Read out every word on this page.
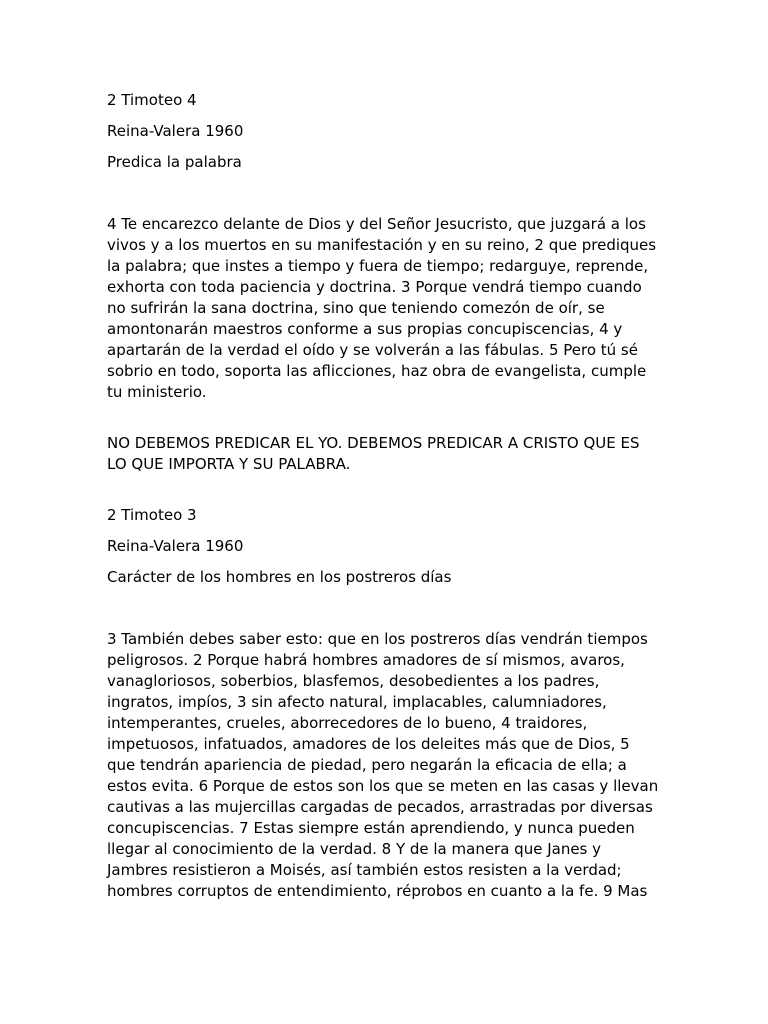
2 Timoteo 4

Reina-Valera 1960

Predica la palabra

4 Te encarezco delante de Dios y del Señor Jesucristo, que juzgará a los

vivos y a los muertos en su manifestación y en su reino, 2 que prediques

la palabra; que instes a tiempo y fuera de tiempo; redarguye, reprende,

exhorta con toda paciencia y doctrina. 3 Porque vendrá tiempo cuando

no sufrirán la sana doctrina, sino que teniendo comezón de oír, se

amontonarán maestros conforme a sus propias concupiscencias, 4 y

apartarán de la verdad el oído y se volverán a las fábulas. 5 Pero tú sé

sobrio en todo, soporta las aflicciones, haz obra de evangelista, cumple

tu ministerio.

NO DEBEMOS PREDICAR EL YO. DEBEMOS PREDICAR A CRISTO QUE ES

LO QUE IMPORTA Y SU PALABRA.

2 Timoteo 3

Reina-Valera 1960

Carácter de los hombres en los postreros días

3 También debes saber esto: que en los postreros días vendrán tiempos

peligrosos. 2 Porque habrá hombres amadores de sí mismos, avaros,

vanagloriosos, soberbios, blasfemos, desobedientes a los padres,

ingratos, impíos, 3 sin afecto natural, implacables, calumniadores,

intemperantes, crueles, aborrecedores de lo bueno, 4 traidores,

impetuosos, infatuados, amadores de los deleites más que de Dios, 5

que tendrán apariencia de piedad, pero negarán la eficacia de ella; a

estos evita. 6 Porque de estos son los que se meten en las casas y llevan

cautivas a las mujercillas cargadas de pecados, arrastradas por diversas

concupiscencias. 7 Estas siempre están aprendiendo, y nunca pueden

llegar al conocimiento de la verdad. 8 Y de la manera que Janes y

Jambres resistieron a Moisés, así también estos resisten a la verdad;

hombres corruptos de entendimiento, réprobos en cuanto a la fe. 9 Mas
